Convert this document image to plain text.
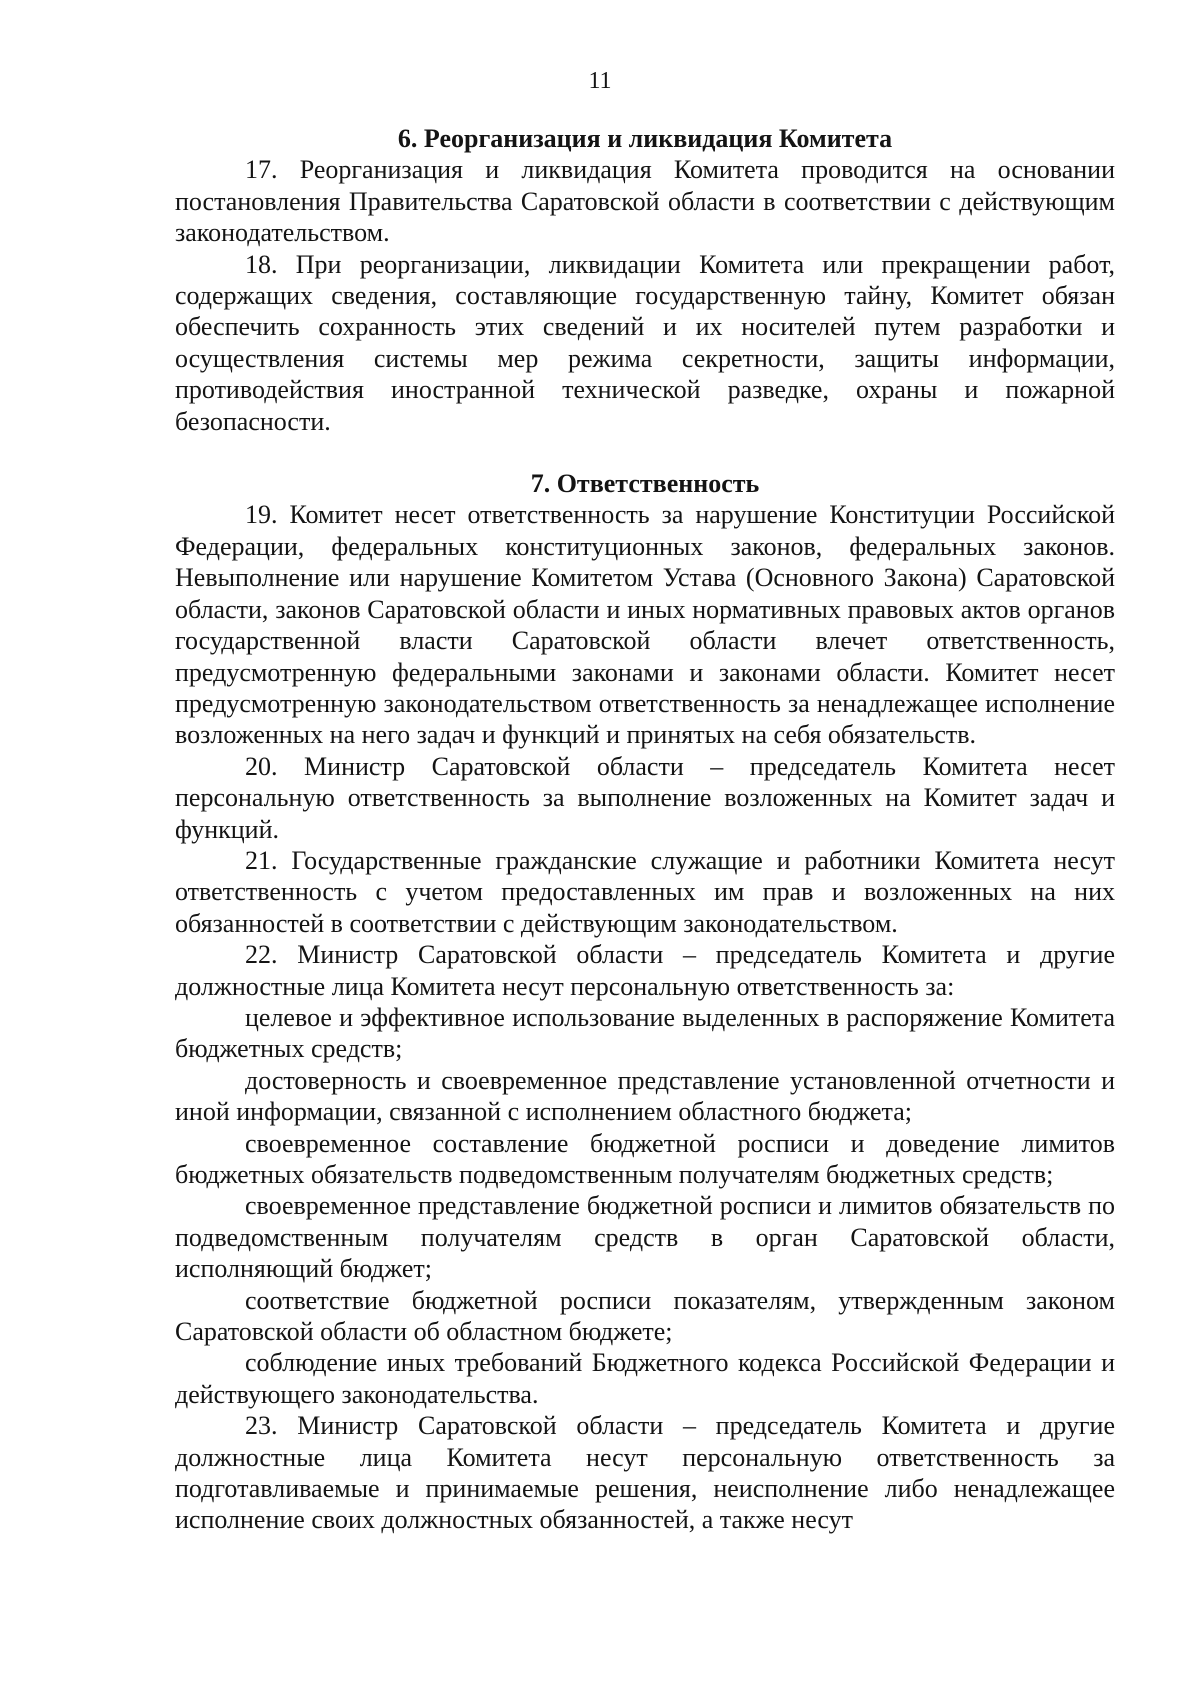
11
6. Реорганизация и ликвидация Комитета

17. Реорганизация и ликвидация Комитета проводится на основании постановления Правительства Саратовской области в соответствии с действующим законодательством.

18. При реорганизации, ликвидации Комитета или прекращении работ, содержащих сведения, составляющие государственную тайну, Комитет обязан обеспечить сохранность этих сведений и их носителей путем разработки и осуществления системы мер режима секретности, защиты информации, противодействия иностранной технической разведке, охраны и пожарной безопасности.

7. Ответственность

19. Комитет несет ответственность за нарушение Конституции Российской Федерации, федеральных конституционных законов, федеральных законов. Невыполнение или нарушение Комитетом Устава (Основного Закона) Саратовской области, законов Саратовской области и иных нормативных правовых актов органов государственной власти Саратовской области влечет ответственность, предусмотренную федеральными законами и законами области. Комитет несет предусмотренную законодательством ответственность за ненадлежащее исполнение возложенных на него задач и функций и принятых на себя обязательств.

20. Министр Саратовской области – председатель Комитета несет персональную ответственность за выполнение возложенных на Комитет задач и функций.

21. Государственные гражданские служащие и работники Комитета несут ответственность с учетом предоставленных им прав и возложенных на них обязанностей в соответствии с действующим законодательством.

22. Министр Саратовской области – председатель Комитета и другие должностные лица Комитета несут персональную ответственность за:

целевое и эффективное использование выделенных в распоряжение Комитета бюджетных средств;

достоверность и своевременное представление установленной отчетности и иной информации, связанной с исполнением областного бюджета;

своевременное составление бюджетной росписи и доведение лимитов бюджетных обязательств подведомственным получателям бюджетных средств;

своевременное представление бюджетной росписи и лимитов обязательств по подведомственным получателям средств в орган Саратовской области, исполняющий бюджет;

соответствие бюджетной росписи показателям, утвержденным законом Саратовской области об областном бюджете;

соблюдение иных требований Бюджетного кодекса Российской Федерации и действующего законодательства.

23. Министр Саратовской области – председатель Комитета и другие должностные лица Комитета несут персональную ответственность за подготавливаемые и принимаемые решения, неисполнение либо ненадлежащее исполнение своих должностных обязанностей, а также несут
